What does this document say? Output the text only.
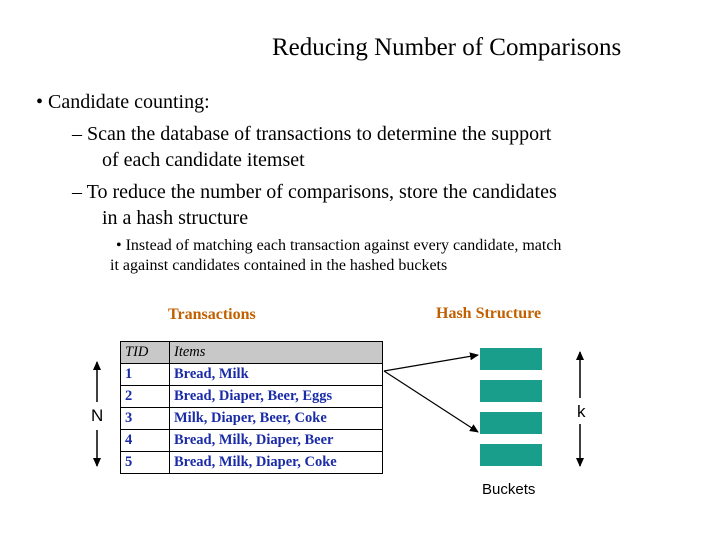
Reducing Number of Comparisons
• Candidate counting:
– Scan the database of transactions to determine the support
of each candidate itemset
– To reduce the number of comparisons, store the candidates
in a hash structure
• Instead of matching each transaction against every candidate, match
it against candidates contained in the hashed buckets
Transactions	Hash Structure
TID	Items
1	Bread, Milk
2	Bread, Diaper, Beer, Eggs
3	Milk, Diaper, Beer, Coke
4	Bread, Milk, Diaper, Beer
5	Bread, Milk, Diaper, Coke
N	k
Buckets
